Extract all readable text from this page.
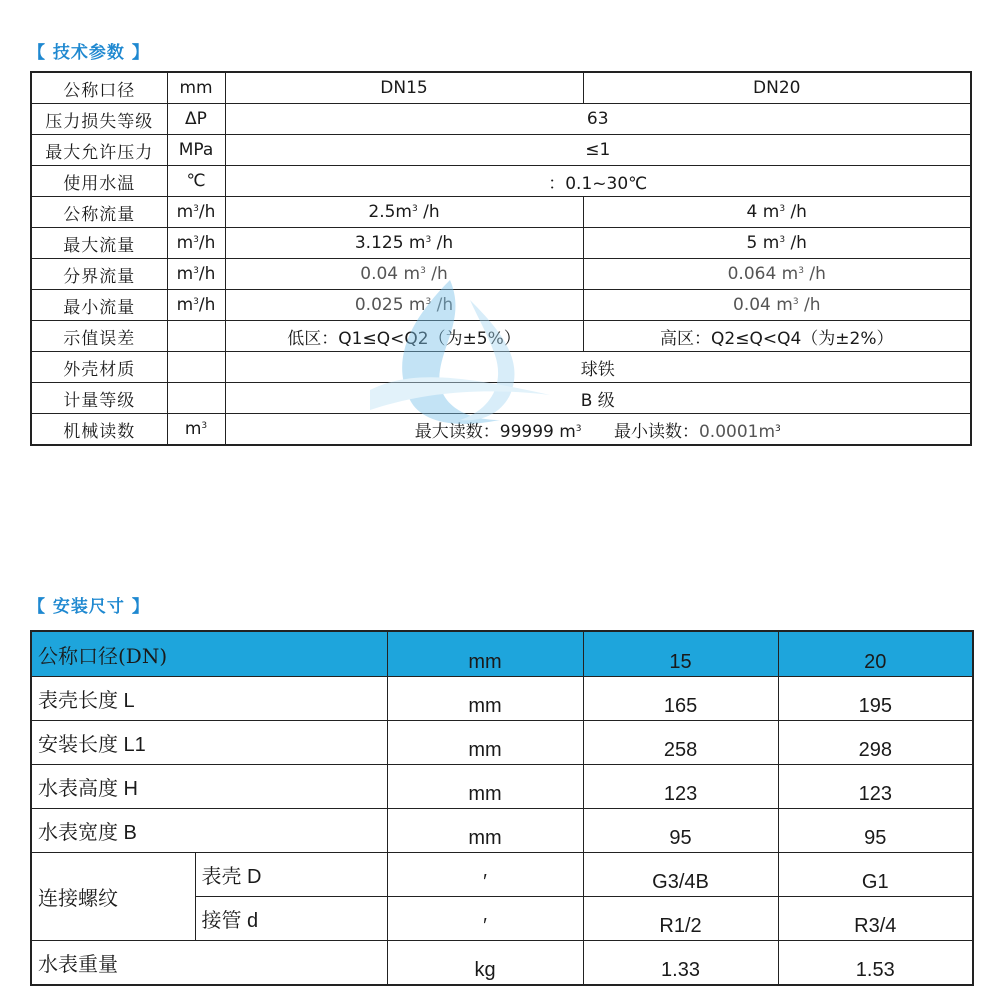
【 技术参数 】
公称口径	mm	DN15	DN20
压力损失等级	ΔP	63	
最大允许压力	MPa	≤1	
使用水温	℃	：0.1~30℃	
公称流量	$m^3/h$	$2.5m^3$ /h	4 $m^3$ /h
最大流量	$m^3/h$	3.125 $m^3$ /h	5 $m^3$ /h
分界流量	$m^3/h$	0.04 $m^3$ /h	0.064 $m^3$ /h
最小流量	$m^3/h$	0.025 $m^3$ /h	0.04 $m^3$ /h
示值误差		低区：Q1≤Q<Q2（为±5%）	高区：Q2≤Q<Q4（为±2%）
外壳材质		球铁	
计量等级		B 级	
机械读数	$m^3$	最大读数：99999 $m^3$ 最小读数：$0.0001m^3$
【 安装尺寸 】
公称口径(DN)		mm	15	20
表壳长度 L		mm	165	195
安装长度 L1		mm	258	298
水表高度 H		mm	123	123
水表宽度 B		mm	95	95
连接螺纹	表壳 D	′	G3/4B	G1
	接管 d	′	R1/2	R3/4
水表重量		kg	1.33	1.53
